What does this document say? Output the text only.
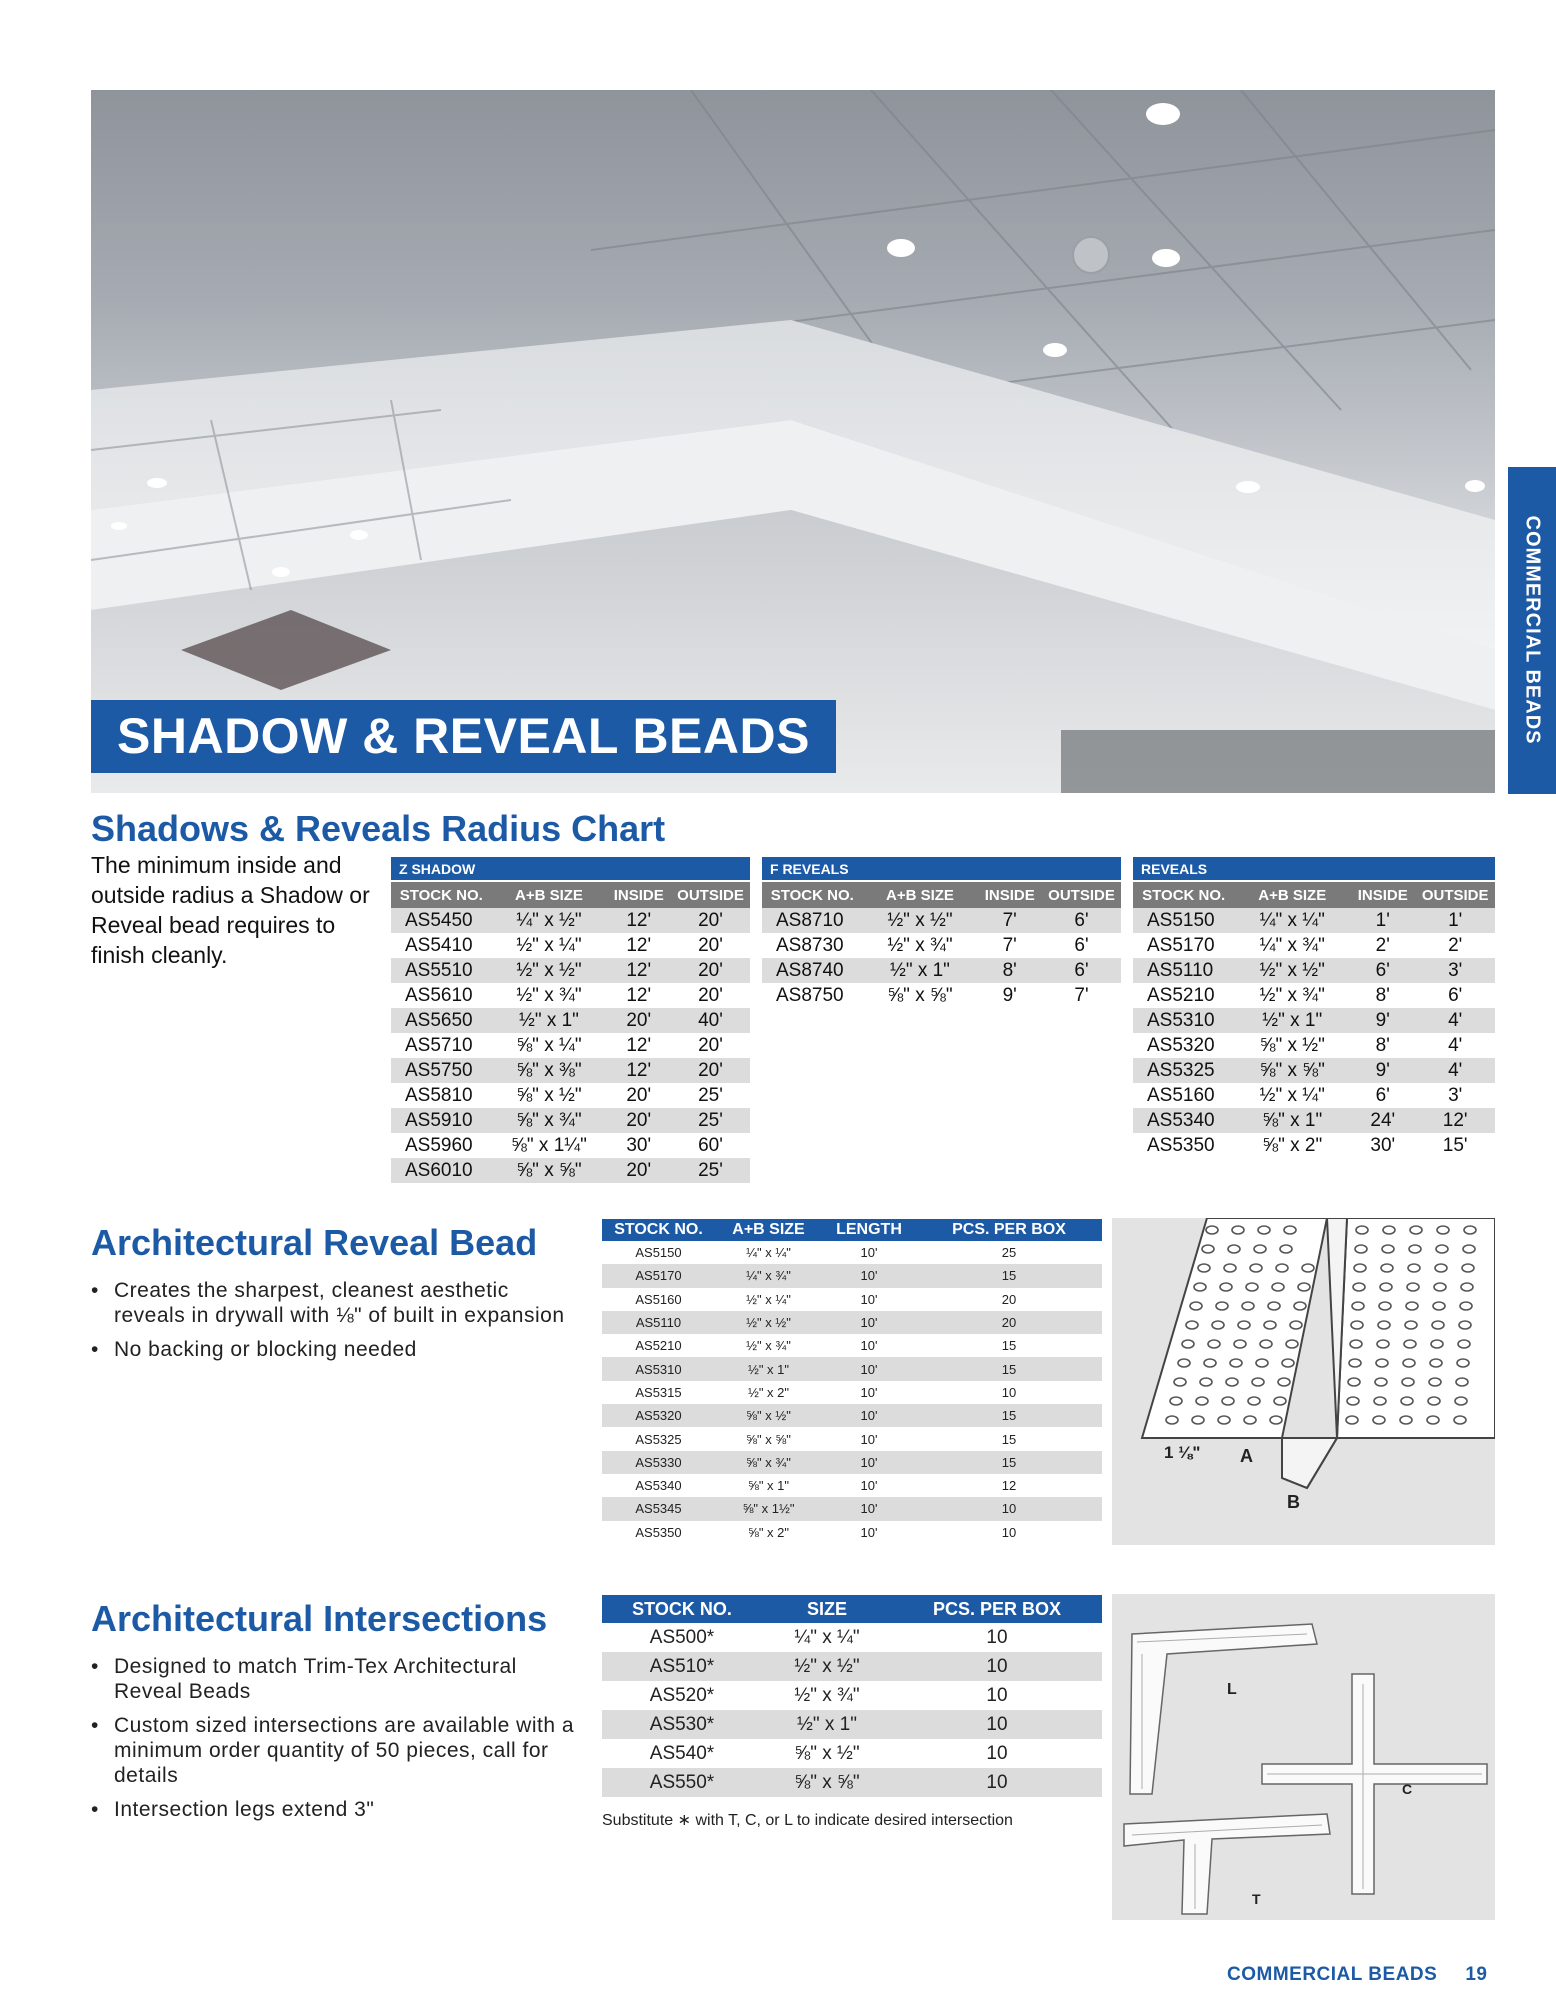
SHADOW & REVEAL BEADS	COMMERCIAL BEADS
Shadows & Reveals Radius Chart
The minimum inside and outside radius a Shadow or Reveal bead requires to finish cleanly.
Z SHADOW			
STOCK NO.	A+B SIZE	INSIDE	OUTSIDE
AS5450	¼" x ½"	12'	20'
AS5410	½" x ¼"	12'	20'
AS5510	½" x ½"	12'	20'
AS5610	½" x ¾"	12'	20'
AS5650	½" x 1"	20'	40'
AS5710	⅝" x ¼"	12'	20'
AS5750	⅝" x ⅜"	12'	20'
AS5810	⅝" x ½"	20'	25'
AS5910	⅝" x ¾"	20'	25'
AS5960	⅝" x 1¼"	30'	60'
AS6010	⅝" x ⅝"	20'	25'
F REVEALS			
STOCK NO.	A+B SIZE	INSIDE	OUTSIDE
AS8710	½" x ½"	7'	6'
AS8730	½" x ¾"	7'	6'
AS8740	½" x 1"	8'	6'
AS8750	⅝" x ⅝"	9'	7'
REVEALS			
STOCK NO.	A+B SIZE	INSIDE	OUTSIDE
AS5150	¼" x ¼"	1'	1'
AS5170	¼" x ¾"	2'	2'
AS5110	½" x ½"	6'	3'
AS5210	½" x ¾"	8'	6'
AS5310	½" x 1"	9'	4'
AS5320	⅝" x ½"	8'	4'
AS5325	⅝" x ⅝"	9'	4'
AS5160	½" x ¼"	6'	3'
AS5340	⅝" x 1"	24'	12'
AS5350	⅝" x 2"	30'	15'
Architectural Reveal Bead
• Creates the sharpest, cleanest aesthetic reveals in drywall with ⅛" of built in expansion
• No backing or blocking needed
STOCK NO.	A+B SIZE	LENGTH	PCS. PER BOX
AS5150	¼" x ¼"	10'	25
AS5170	¼" x ¾"	10'	15
AS5160	½" x ¼"	10'	20
AS5110	½" x ½"	10'	20
AS5210	½" x ¾"	10'	15
AS5310	½" x 1"	10'	15
AS5315	½" x 2"	10'	10
AS5320	⅝" x ½"	10'	15
AS5325	⅝" x ⅝"	10'	15
AS5330	⅝" x ¾"	10'	15
AS5340	⅝" x 1"	10'	12
AS5345	⅝" x 1½"	10'	10
AS5350	⅝" x 2"	10'	10
1 ⅛" A
B
Architectural Intersections
• Designed to match Trim-Tex Architectural Reveal Beads
• Custom sized intersections are available with a minimum order quantity of 50 pieces, call for details
• Intersection legs extend 3"
STOCK NO.	SIZE	PCS. PER BOX
AS500*	¼" x ¼"	10
AS510*	½" x ½"	10
AS520*	½" x ¾"	10
AS530*	½" x 1"	10
AS540*	⅝" x ½"	10
AS550*	⅝" x ⅝"	10
Substitute ∗ with T, C, or L to indicate desired intersection
L
C
T
COMMERCIAL BEADS 19
